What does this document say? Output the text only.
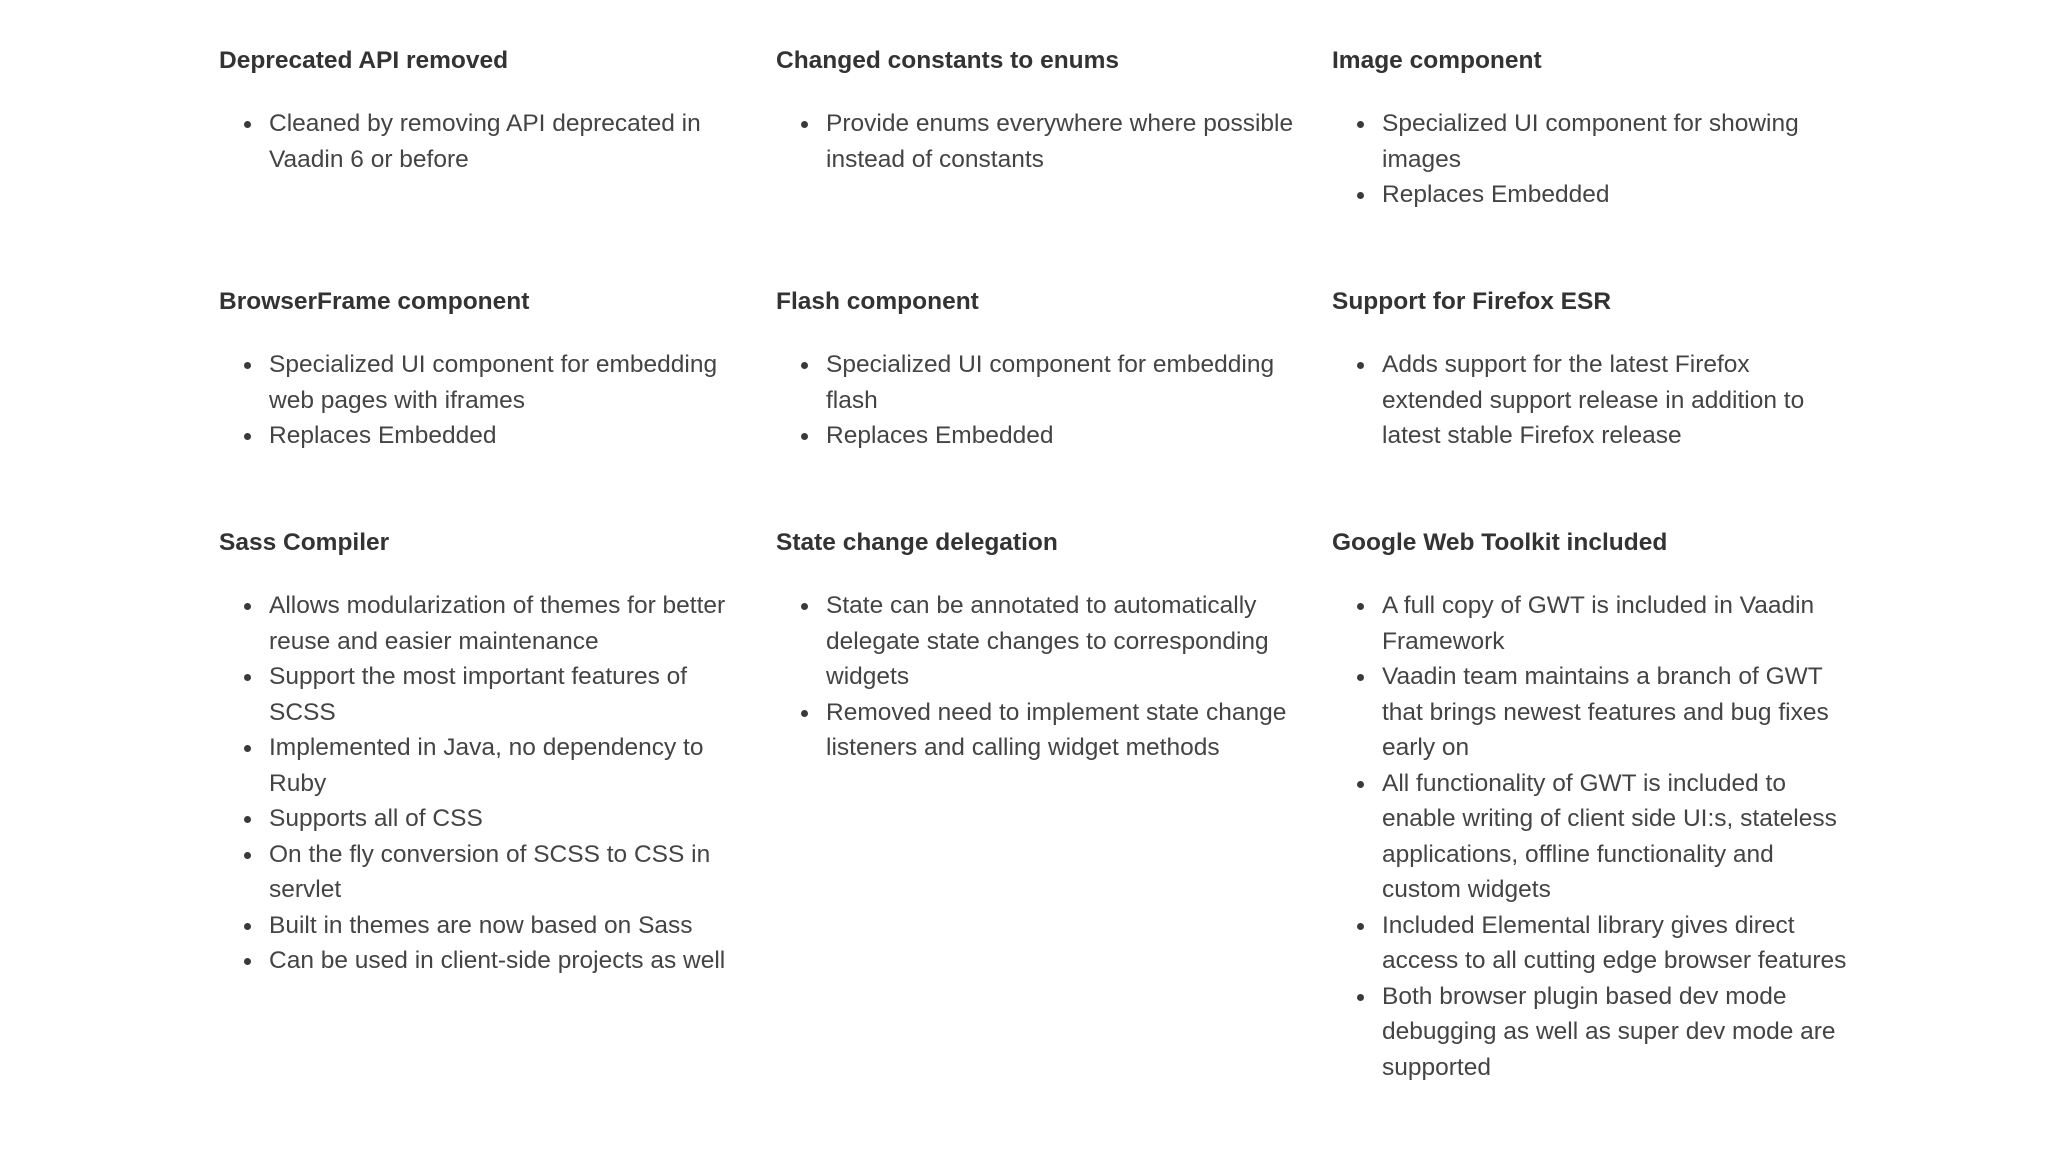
Deprecated API removed
Cleaned by removing API deprecated in Vaadin 6 or before
Changed constants to enums
Provide enums everywhere where possible instead of constants
Image component
Specialized UI component for showing images
Replaces Embedded
BrowserFrame component
Specialized UI component for embedding web pages with iframes
Replaces Embedded
Flash component
Specialized UI component for embedding flash
Replaces Embedded
Support for Firefox ESR
Adds support for the latest Firefox extended support release in addition to latest stable Firefox release
Sass Compiler
Allows modularization of themes for better reuse and easier maintenance
Support the most important features of SCSS
Implemented in Java, no dependency to Ruby
Supports all of CSS
On the fly conversion of SCSS to CSS in servlet
Built in themes are now based on Sass
Can be used in client-side projects as well
State change delegation
State can be annotated to automatically delegate state changes to corresponding widgets
Removed need to implement state change listeners and calling widget methods
Google Web Toolkit included
A full copy of GWT is included in Vaadin Framework
Vaadin team maintains a branch of GWT that brings newest features and bug fixes early on
All functionality of GWT is included to enable writing of client side UI:s, stateless applications, offline functionality and custom widgets
Included Elemental library gives direct access to all cutting edge browser features
Both browser plugin based dev mode debugging as well as super dev mode are supported
